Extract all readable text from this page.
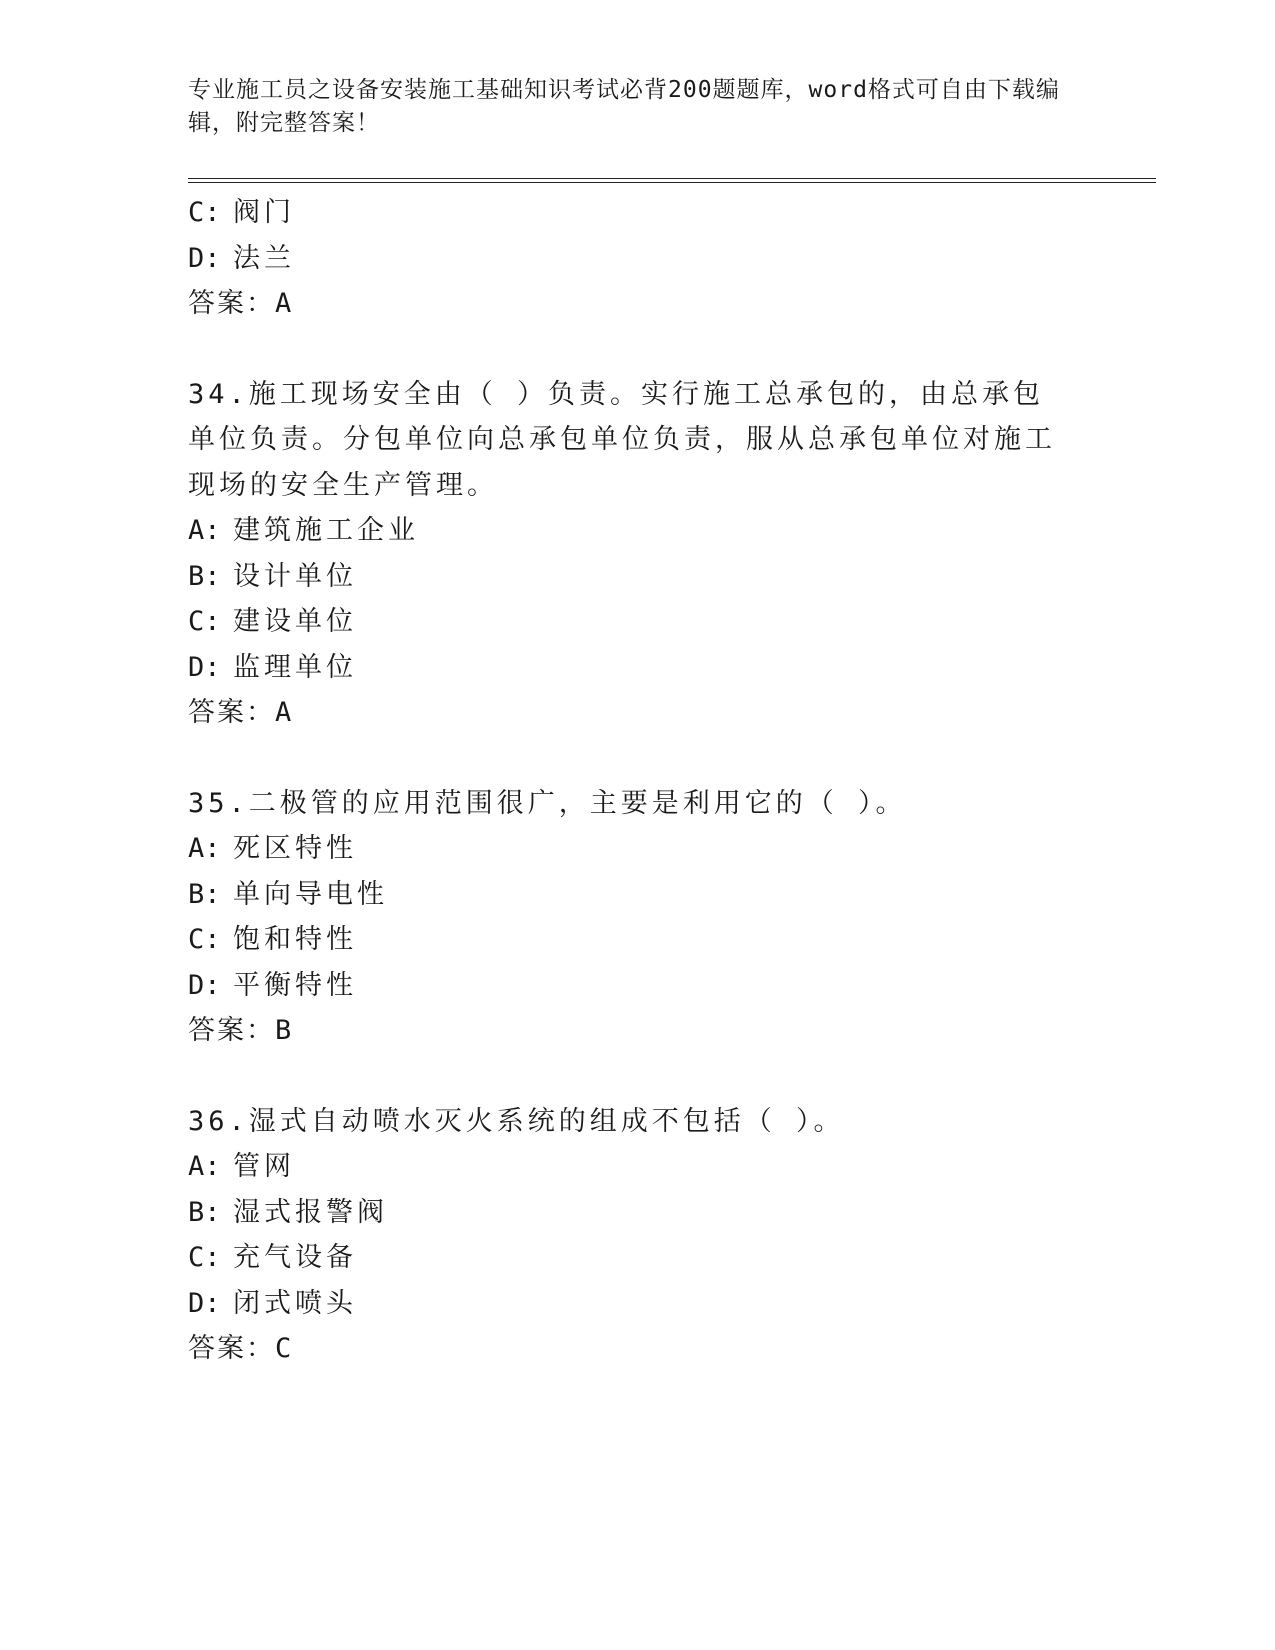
专业施工员之设备安装施工基础知识考试必背200题题库，word格式可自由下载编辑，附完整答案！
C: 阀门
D: 法兰
答案：A
34.施工现场安全由（ ）负责。实行施工总承包的，由总承包单位负责。分包单位向总承包单位负责，服从总承包单位对施工现场的安全生产管理。
A: 建筑施工企业
B: 设计单位
C: 建设单位
D: 监理单位
答案：A
35.二极管的应用范围很广，主要是利用它的（ ）。
A: 死区特性
B: 单向导电性
C: 饱和特性
D: 平衡特性
答案：B
36.湿式自动喷水灭火系统的组成不包括（ ）。
A: 管网
B: 湿式报警阀
C: 充气设备
D: 闭式喷头
答案：C
